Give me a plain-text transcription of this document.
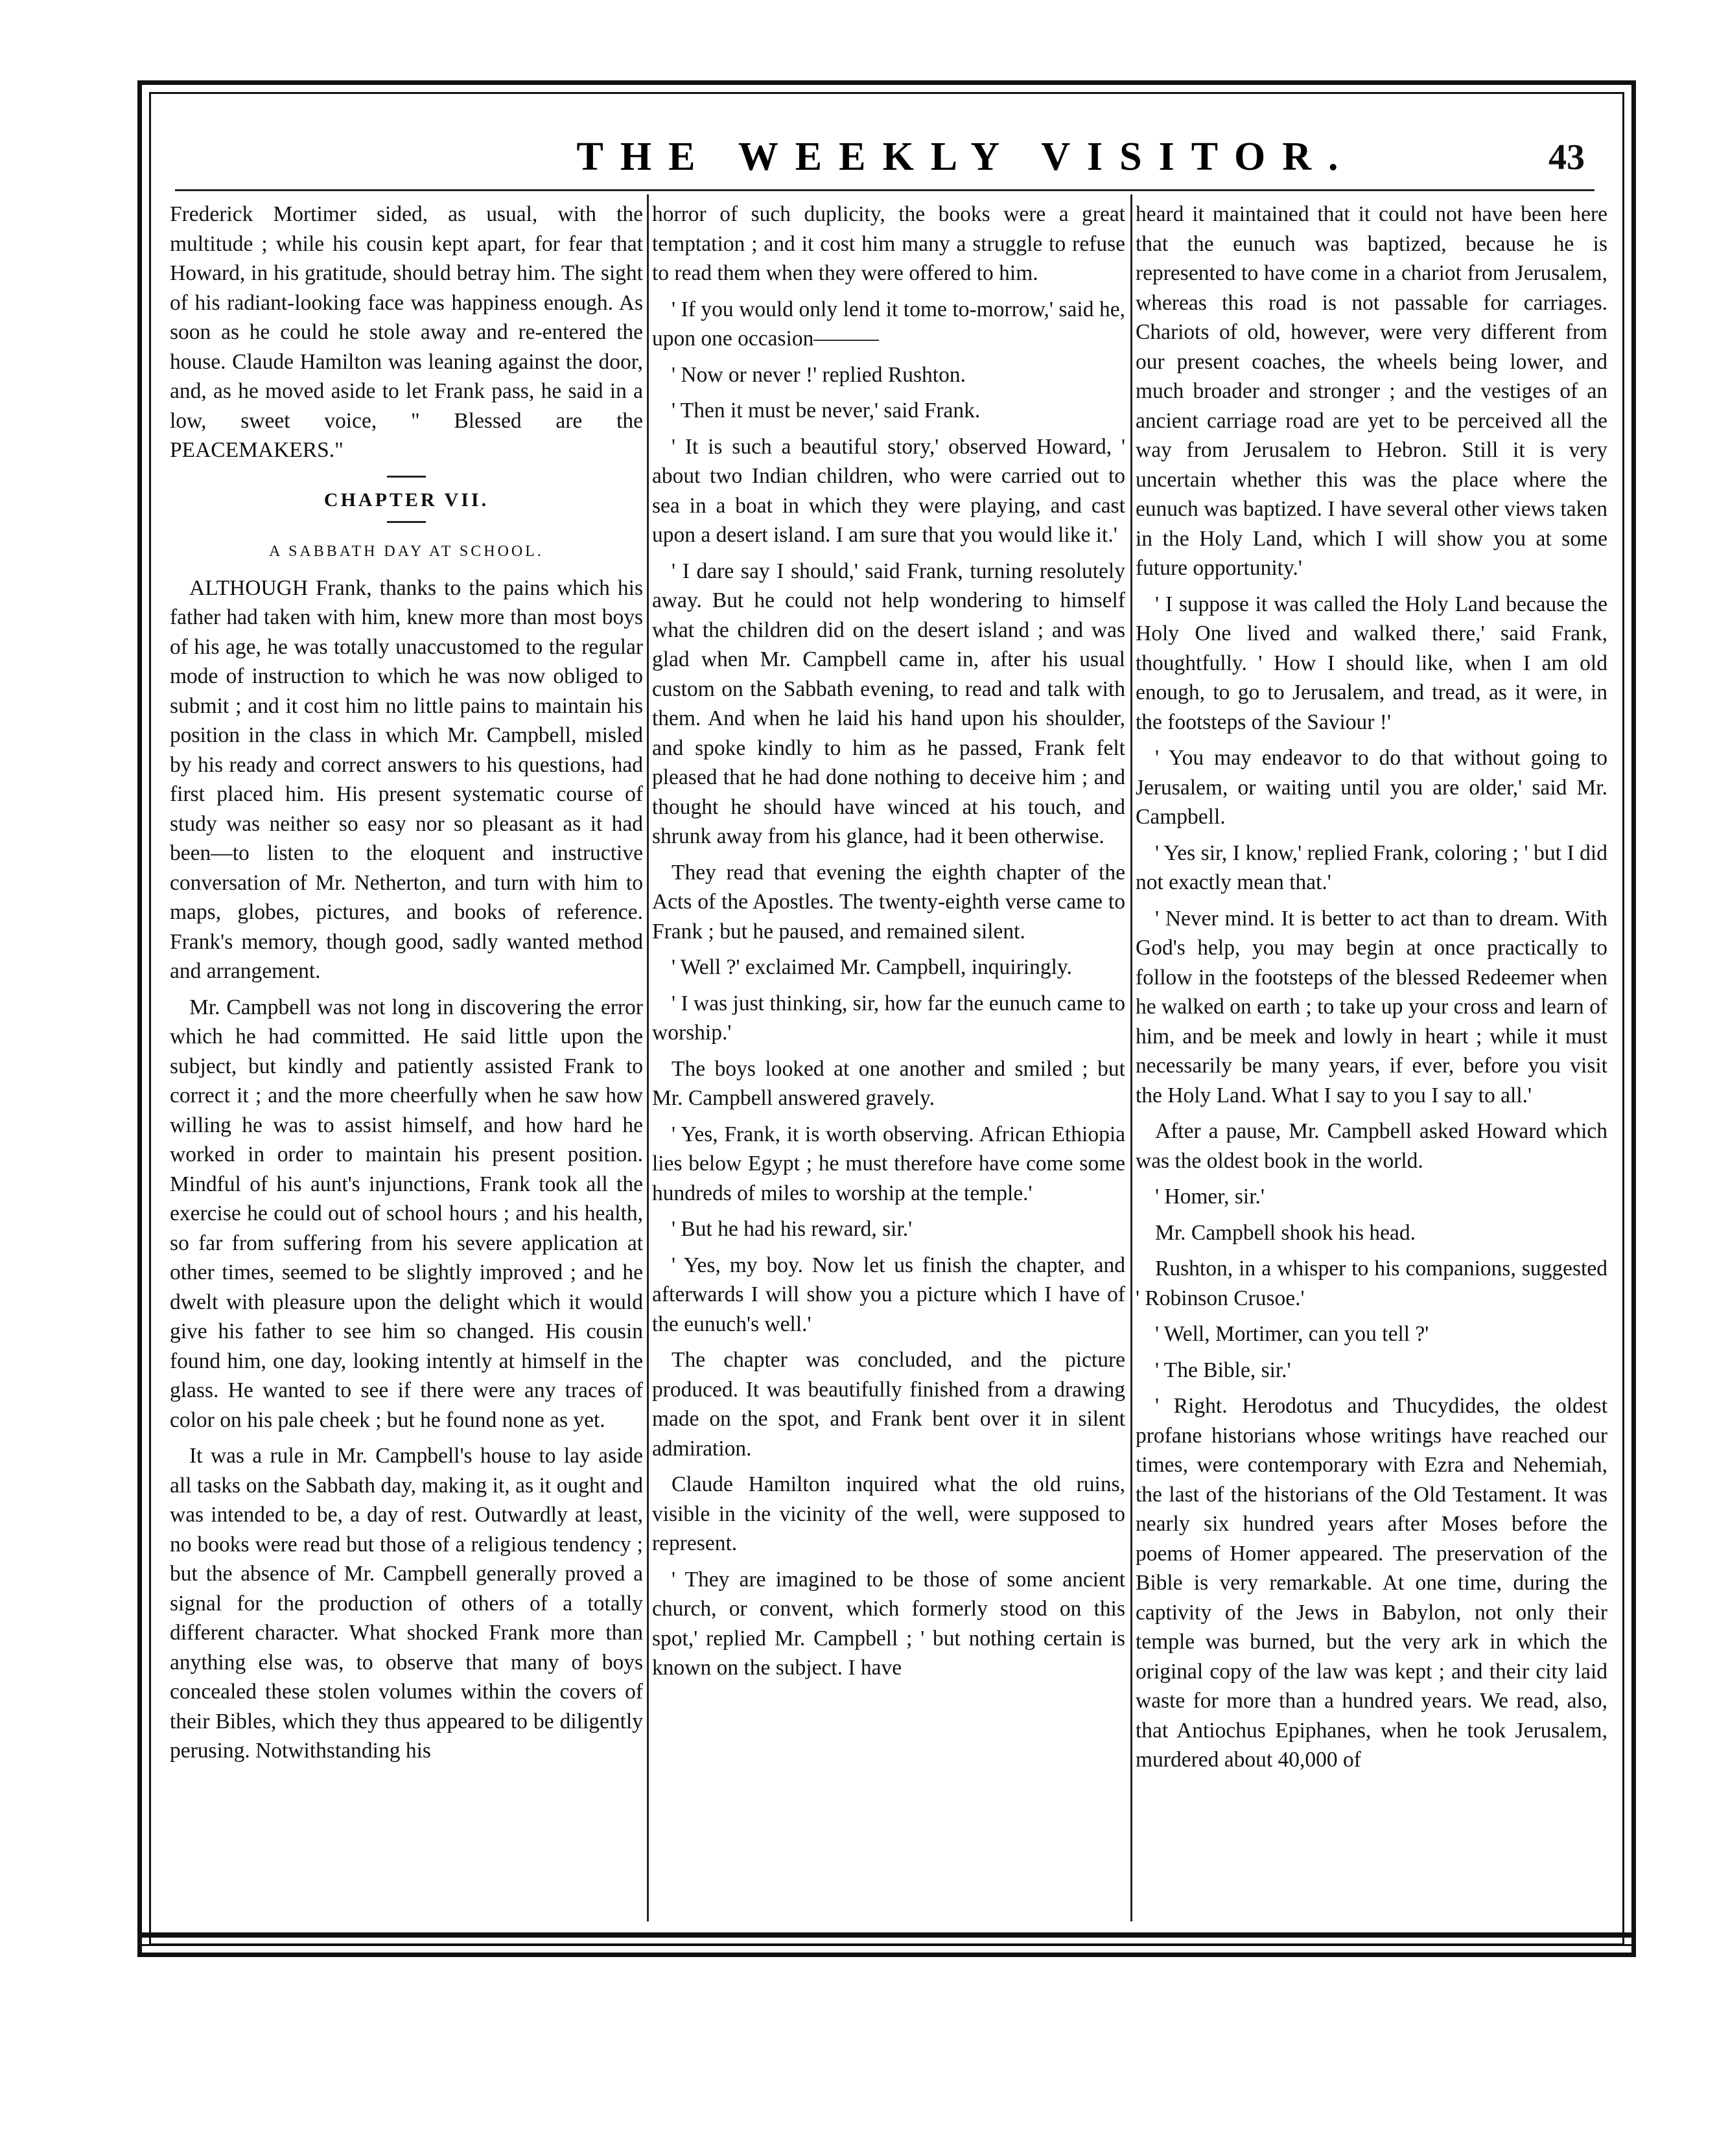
THE WEEKLY VISITOR.	43

Frederick Mortimer sided, as usual, with the multitude ; while his cousin kept apart, for fear that Howard, in his gratitude, should betray him. The sight of his radiant-looking face was happiness enough. As soon as he could he stole away and re-entered the house. Claude Hamilton was leaning against the door, and, as he moved aside to let Frank pass, he said in a low, sweet voice, " Blessed are the PEACEMAKERS."

CHAPTER VII.

A SABBATH DAY AT SCHOOL.

ALTHOUGH Frank, thanks to the pains which his father had taken with him, knew more than most boys of his age, he was totally unaccustomed to the regular mode of instruction to which he was now obliged to submit ; and it cost him no little pains to maintain his position in the class in which Mr. Campbell, misled by his ready and correct answers to his questions, had first placed him. His present systematic course of study was neither so easy nor so pleasant as it had been—to listen to the eloquent and instructive conversation of Mr. Netherton, and turn with him to maps, globes, pictures, and books of reference. Frank's memory, though good, sadly wanted method and arrangement.

Mr. Campbell was not long in discovering the error which he had committed. He said little upon the subject, but kindly and patiently assisted Frank to correct it ; and the more cheerfully when he saw how willing he was to assist himself, and how hard he worked in order to maintain his present position. Mindful of his aunt's injunctions, Frank took all the exercise he could out of school hours ; and his health, so far from suffering from his severe application at other times, seemed to be slightly improved ; and he dwelt with pleasure upon the delight which it would give his father to see him so changed. His cousin found him, one day, looking intently at himself in the glass. He wanted to see if there were any traces of color on his pale cheek ; but he found none as yet.

It was a rule in Mr. Campbell's house to lay aside all tasks on the Sabbath day, making it, as it ought and was intended to be, a day of rest. Outwardly at least, no books were read but those of a religious tendency ; but the absence of Mr. Campbell generally proved a signal for the production of others of a totally different character. What shocked Frank more than anything else was, to observe that many of boys concealed these stolen volumes within the covers of their Bibles, which they thus appeared to be diligently perusing. Notwithstanding his

horror of such duplicity, the books were a great temptation ; and it cost him many a struggle to refuse to read them when they were offered to him.

' If you would only lend it tome to-morrow,' said he, upon one occasion———

' Now or never !' replied Rushton.

' Then it must be never,' said Frank.

' It is such a beautiful story,' observed Howard, ' about two Indian children, who were carried out to sea in a boat in which they were playing, and cast upon a desert island. I am sure that you would like it.'

' I dare say I should,' said Frank, turning resolutely away. But he could not help wondering to himself what the children did on the desert island ; and was glad when Mr. Campbell came in, after his usual custom on the Sabbath evening, to read and talk with them. And when he laid his hand upon his shoulder, and spoke kindly to him as he passed, Frank felt pleased that he had done nothing to deceive him ; and thought he should have winced at his touch, and shrunk away from his glance, had it been otherwise.

They read that evening the eighth chapter of the Acts of the Apostles. The twenty-eighth verse came to Frank ; but he paused, and remained silent.

' Well ?' exclaimed Mr. Campbell, inquiringly.

' I was just thinking, sir, how far the eunuch came to worship.'

The boys looked at one another and smiled ; but Mr. Campbell answered gravely.

' Yes, Frank, it is worth observing. African Ethiopia lies below Egypt ; he must therefore have come some hundreds of miles to worship at the temple.'

' But he had his reward, sir.'

' Yes, my boy. Now let us finish the chapter, and afterwards I will show you a picture which I have of the eunuch's well.'

The chapter was concluded, and the picture produced. It was beautifully finished from a drawing made on the spot, and Frank bent over it in silent admiration.

Claude Hamilton inquired what the old ruins, visible in the vicinity of the well, were supposed to represent.

' They are imagined to be those of some ancient church, or convent, which formerly stood on this spot,' replied Mr. Campbell ; ' but nothing certain is known on the subject. I have

heard it maintained that it could not have been here that the eunuch was baptized, because he is represented to have come in a chariot from Jerusalem, whereas this road is not passable for carriages. Chariots of old, however, were very different from our present coaches, the wheels being lower, and much broader and stronger ; and the vestiges of an ancient carriage road are yet to be perceived all the way from Jerusalem to Hebron. Still it is very uncertain whether this was the place where the eunuch was baptized. I have several other views taken in the Holy Land, which I will show you at some future opportunity.'

' I suppose it was called the Holy Land because the Holy One lived and walked there,' said Frank, thoughtfully. ' How I should like, when I am old enough, to go to Jerusalem, and tread, as it were, in the footsteps of the Saviour !'

' You may endeavor to do that without going to Jerusalem, or waiting until you are older,' said Mr. Campbell.

' Yes sir, I know,' replied Frank, coloring ; ' but I did not exactly mean that.'

' Never mind. It is better to act than to dream. With God's help, you may begin at once practically to follow in the footsteps of the blessed Redeemer when he walked on earth ; to take up your cross and learn of him, and be meek and lowly in heart ; while it must necessarily be many years, if ever, before you visit the Holy Land. What I say to you I say to all.'

After a pause, Mr. Campbell asked Howard which was the oldest book in the world.

' Homer, sir.'

Mr. Campbell shook his head.

Rushton, in a whisper to his companions, suggested ' Robinson Crusoe.'

' Well, Mortimer, can you tell ?'

' The Bible, sir.'

' Right. Herodotus and Thucydides, the oldest profane historians whose writings have reached our times, were contemporary with Ezra and Nehemiah, the last of the historians of the Old Testament. It was nearly six hundred years after Moses before the poems of Homer appeared. The preservation of the Bible is very remarkable. At one time, during the captivity of the Jews in Babylon, not only their temple was burned, but the very ark in which the original copy of the law was kept ; and their city laid waste for more than a hundred years. We read, also, that Antiochus Epiphanes, when he took Jerusalem, murdered about 40,000 of
